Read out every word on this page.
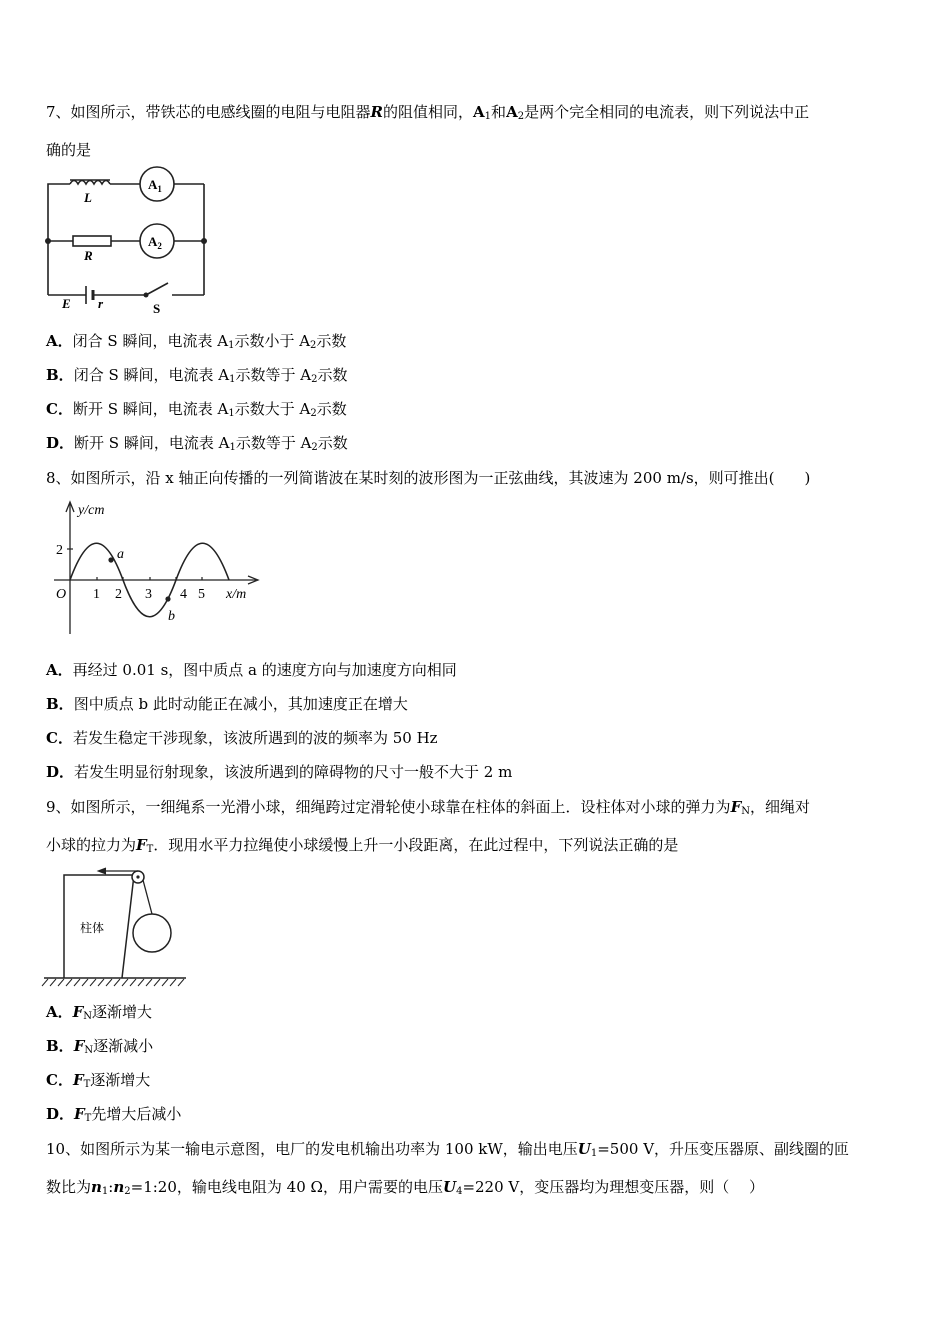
7、如图所示，带铁芯的电感线圈的电阻与电阻器R的阻值相同，$A_1$和$A_2$是两个完全相同的电流表，则下列说法中正
确的是
L
$A_1$
$A_2$
R
E r	S
A．闭合 S 瞬间，电流表 $A_1$示数小于 $A_2$示数
B．闭合 S 瞬间，电流表 $A_1$示数等于 $A_2$示数
C．断开 S 瞬间，电流表 $A_1$示数大于 $A_2$示数
D．断开 S 瞬间，电流表 $A_1$示数等于 $A_2$示数
8、如图所示，沿 x 轴正向传播的一列简谐波在某时刻的波形图为一正弦曲线，其波速为 200 m/s，则可推出(　　)
y/cm
x/m
O
2
1 2 3 4 5
a
b
A．再经过 0.01 s，图中质点 a 的速度方向与加速度方向相同
B．图中质点 b 此时动能正在减小，其加速度正在增大
C．若发生稳定干涉现象，该波所遇到的波的频率为 50 Hz
D．若发生明显衍射现象，该波所遇到的障碍物的尺寸一般不大于 2 m
9、如图所示，一细绳系一光滑小球，细绳跨过定滑轮使小球靠在柱体的斜面上．设柱体对小球的弹力为$F_N$，细绳对
小球的拉力为$F_T$．现用水平力拉绳使小球缓慢上升一小段距离，在此过程中，下列说法正确的是
柱体
A．$F_N$逐渐增大
B．$F_N$逐渐减小
C．$F_T$逐渐增大
D．$F_T$先增大后减小
10、如图所示为某一输电示意图，电厂的发电机输出功率为 100 kW，输出电压$U_1=500$ V，升压变压器原、副线圈的匝
数比为$n_1:n_2=1:20$，输电线电阻为 40 Ω，用户需要的电压$U_4=220$ V，变压器均为理想变压器，则（　 ）
